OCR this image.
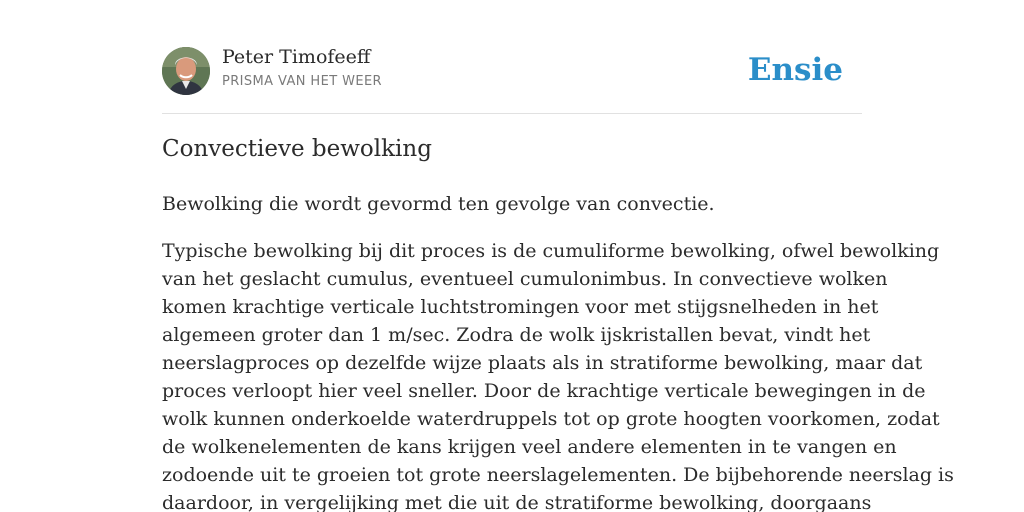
Peter Timofeeff
PRISMA VAN HET WEER	Ensie
Convectieve bewolking

Bewolking die wordt gevormd ten gevolge van convectie.

Typische bewolking bij dit proces is de cumuliforme bewolking, ofwel bewolking
van het geslacht cumulus, eventueel cumulonimbus. In convectieve wolken
komen krachtige verticale luchtstromingen voor met stijgsnelheden in het
algemeen groter dan 1 m/sec. Zodra de wolk ijskristallen bevat, vindt het
neerslagproces op dezelfde wijze plaats als in stratiforme bewolking, maar dat
proces verloopt hier veel sneller. Door de krachtige verticale bewegingen in de
wolk kunnen onderkoelde waterdruppels tot op grote hoogten voorkomen, zodat
de wolkenelementen de kans krijgen veel andere elementen in te vangen en
zodoende uit te groeien tot grote neerslagelementen. De bijbehorende neerslag is
daardoor, in vergelijking met die uit de stratiforme bewolking, doorgaans
